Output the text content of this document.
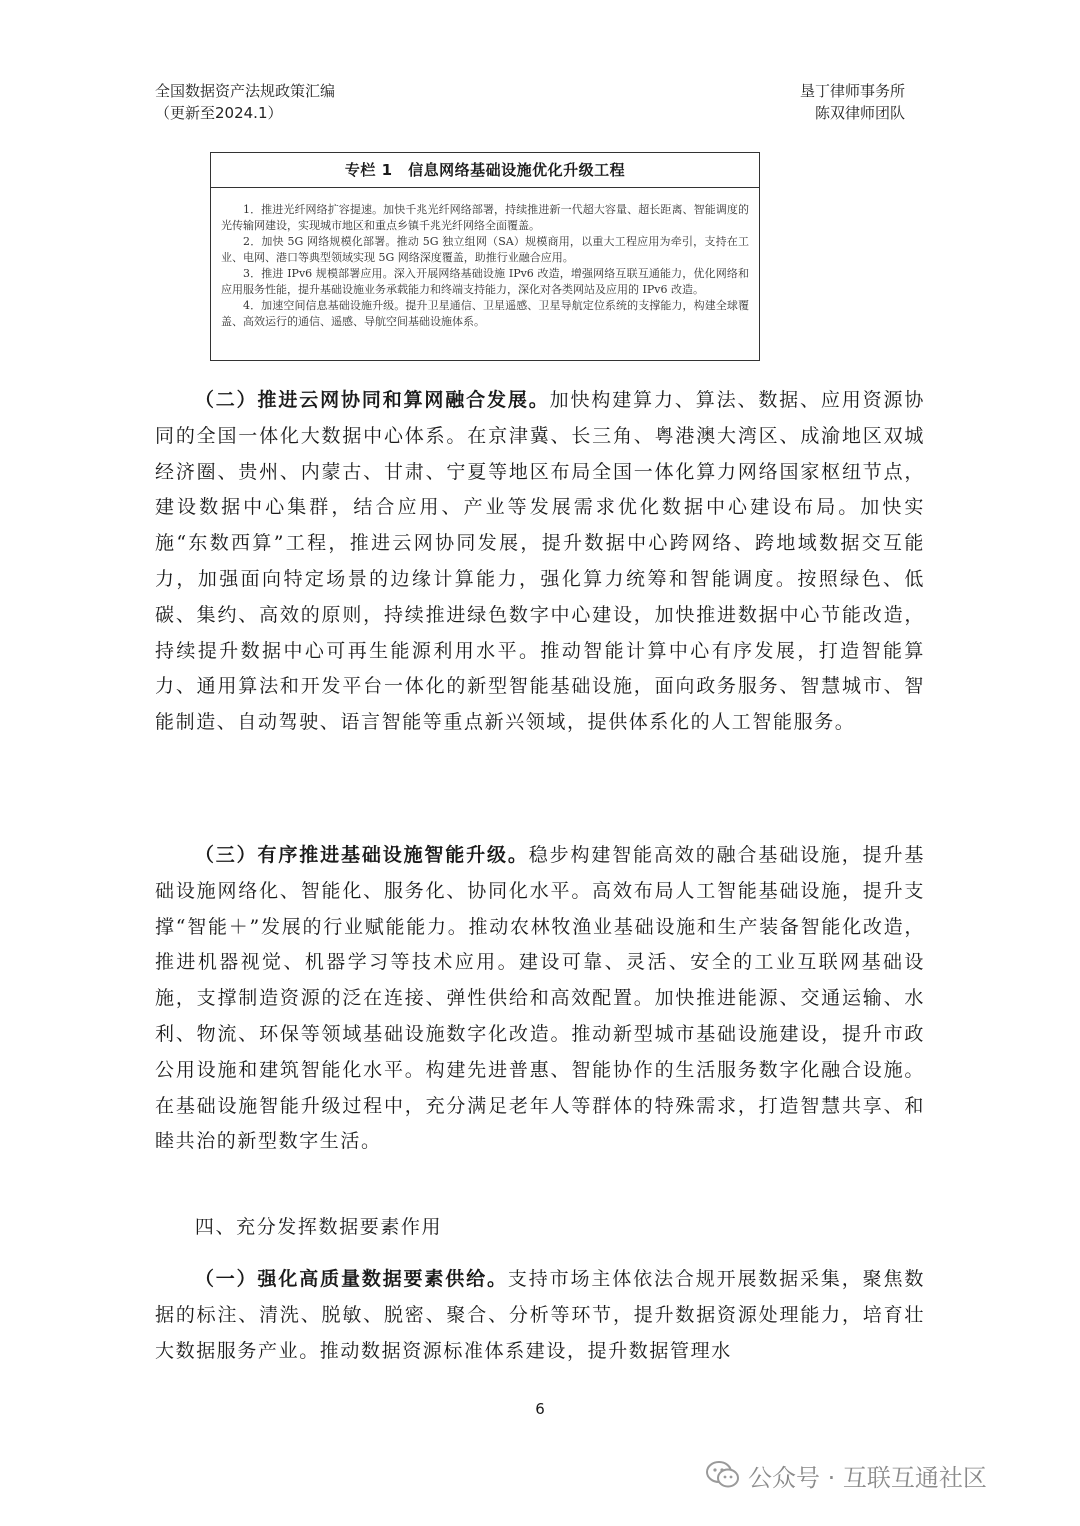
全国数据资产法规政策汇编
（更新至2024.1）
垦丁律师事务所
陈双律师团队
专栏 1　信息网络基础设施优化升级工程

1．推进光纤网络扩容提速。加快千兆光纤网络部署，持续推进新一代超大容量、超长距离、智能调度的光传输网建设，实现城市地区和重点乡镇千兆光纤网络全面覆盖。

2．加快 5G 网络规模化部署。推动 5G 独立组网（SA）规模商用，以重大工程应用为牵引，支持在工业、电网、港口等典型领域实现 5G 网络深度覆盖，助推行业融合应用。

3．推进 IPv6 规模部署应用。深入开展网络基础设施 IPv6 改造，增强网络互联互通能力，优化网络和应用服务性能，提升基础设施业务承载能力和终端支持能力，深化对各类网站及应用的 IPv6 改造。

4．加速空间信息基础设施升级。提升卫星通信、卫星遥感、卫星导航定位系统的支撑能力，构建全球覆盖、高效运行的通信、遥感、导航空间基础设施体系。

（二）推进云网协同和算网融合发展。加快构建算力、算法、数据、应用资源协同的全国一体化大数据中心体系。在京津冀、长三角、粤港澳大湾区、成渝地区双城经济圈、贵州、内蒙古、甘肃、宁夏等地区布局全国一体化算力网络国家枢纽节点，建设数据中心集群，结合应用、产业等发展需求优化数据中心建设布局。加快实施“东数西算”工程，推进云网协同发展，提升数据中心跨网络、跨地域数据交互能力，加强面向特定场景的边缘计算能力，强化算力统筹和智能调度。按照绿色、低碳、集约、高效的原则，持续推进绿色数字中心建设，加快推进数据中心节能改造，持续提升数据中心可再生能源利用水平。推动智能计算中心有序发展，打造智能算力、通用算法和开发平台一体化的新型智能基础设施，面向政务服务、智慧城市、智能制造、自动驾驶、语言智能等重点新兴领域，提供体系化的人工智能服务。

（三）有序推进基础设施智能升级。稳步构建智能高效的融合基础设施，提升基础设施网络化、智能化、服务化、协同化水平。高效布局人工智能基础设施，提升支撑“智能＋”发展的行业赋能能力。推动农林牧渔业基础设施和生产装备智能化改造，推进机器视觉、机器学习等技术应用。建设可靠、灵活、安全的工业互联网基础设施，支撑制造资源的泛在连接、弹性供给和高效配置。加快推进能源、交通运输、水利、物流、环保等领域基础设施数字化改造。推动新型城市基础设施建设，提升市政公用设施和建筑智能化水平。构建先进普惠、智能协作的生活服务数字化融合设施。在基础设施智能升级过程中，充分满足老年人等群体的特殊需求，打造智慧共享、和睦共治的新型数字生活。

四、充分发挥数据要素作用

（一）强化高质量数据要素供给。支持市场主体依法合规开展数据采集，聚焦数据的标注、清洗、脱敏、脱密、聚合、分析等环节，提升数据资源处理能力，培育壮大数据服务产业。推动数据资源标准体系建设，提升数据管理水

6
公众号 · 互联互通社区
